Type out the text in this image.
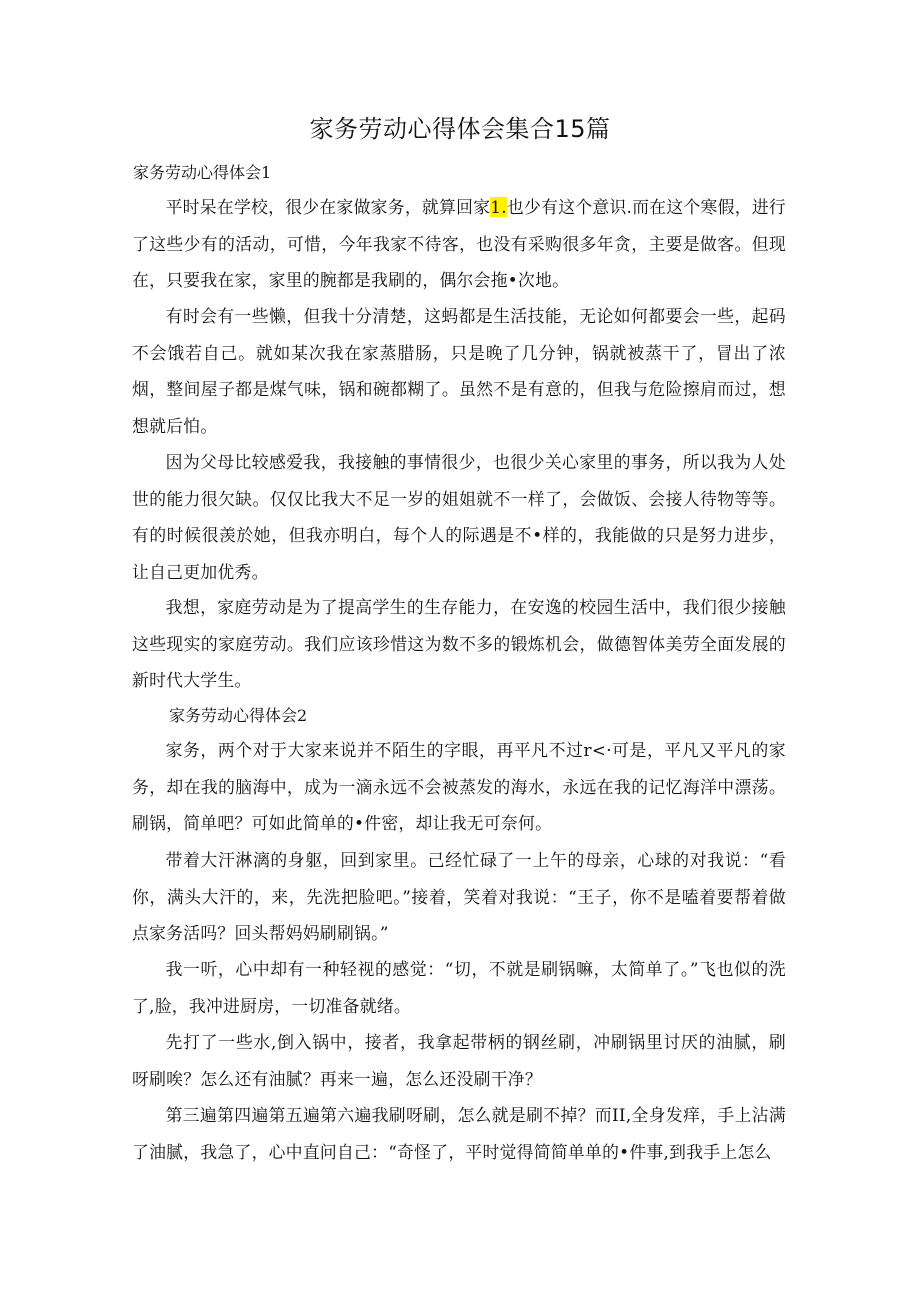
家务劳动心得体会集合15篇
家务劳动心得体会1

平时呆在学校，很少在家做家务，就算回家1.也少有这个意识.而在这个寒假，进行了这些少有的活动，可惜，今年我家不待客，也没有采购很多年贪，主要是做客。但现在，只要我在家，家里的腕都是我刷的，偶尔会拖•次地。

有时会有一些懒，但我十分清楚，这蚂都是生活技能，无论如何都要会一些，起码不会饿若自己。就如某次我在家蒸腊肠，只是晚了几分钟，锅就被蒸干了，冒出了浓烟，整间屋子都是煤气味，锅和碗都糊了。虽然不是有意的，但我与危险擦肩而过，想想就后怕。

因为父母比较感爱我，我接触的事情很少，也很少关心家里的事务，所以我为人处世的能力很欠缺。仅仅比我大不足一岁的姐姐就不一样了，会做饭、会接人待物等等。有的时候很羡於她，但我亦明白，每个人的际遇是不•样的，我能做的只是努力进步，让自己更加优秀。

我想，家庭劳动是为了提高学生的生存能力，在安逸的校园生活中，我们很少接触这些现实的家庭劳动。我们应该珍惜这为数不多的锻炼机会，做德智体美劳全面发展的新时代大学生。

家务劳动心得体会2

家务，两个对于大家来说并不陌生的字眼，再平凡不过r<·可是，平凡又平凡的家务，却在我的脑海中，成为一滴永远不会被蒸发的海水，永远在我的记忆海洋中漂荡。刷锅，简单吧？可如此简单的•件密，却让我无可奈何。

带着大汗淋漓的身躯，回到家里。己经忙碌了一上午的母亲，心球的对我说：“看你，满头大汗的，来，先洗把脸吧。”接着，笑着对我说：“王子，你不是嗑着要帮着做点家务活吗？回头帮妈妈刷刷锅。”

我一听，心中却有一种轻视的感觉：“切，不就是刷锅嘛，太简单了。”飞也似的洗了,脸，我冲进厨房，一切准备就绪。

先打了一些水,倒入锅中，接者，我拿起带柄的钢丝刷，冲刷锅里讨厌的油腻，刷呀刷唉？怎么还有油腻？再来一遍，怎么还没刷干净？

第三遍第四遍第五遍第六遍我刷呀刷，怎么就是刷不掉？而II,全身发痒，手上沾满了油腻，我急了，心中直问自己：“奇怪了，平时觉得简简单单的•件事,到我手上怎么
